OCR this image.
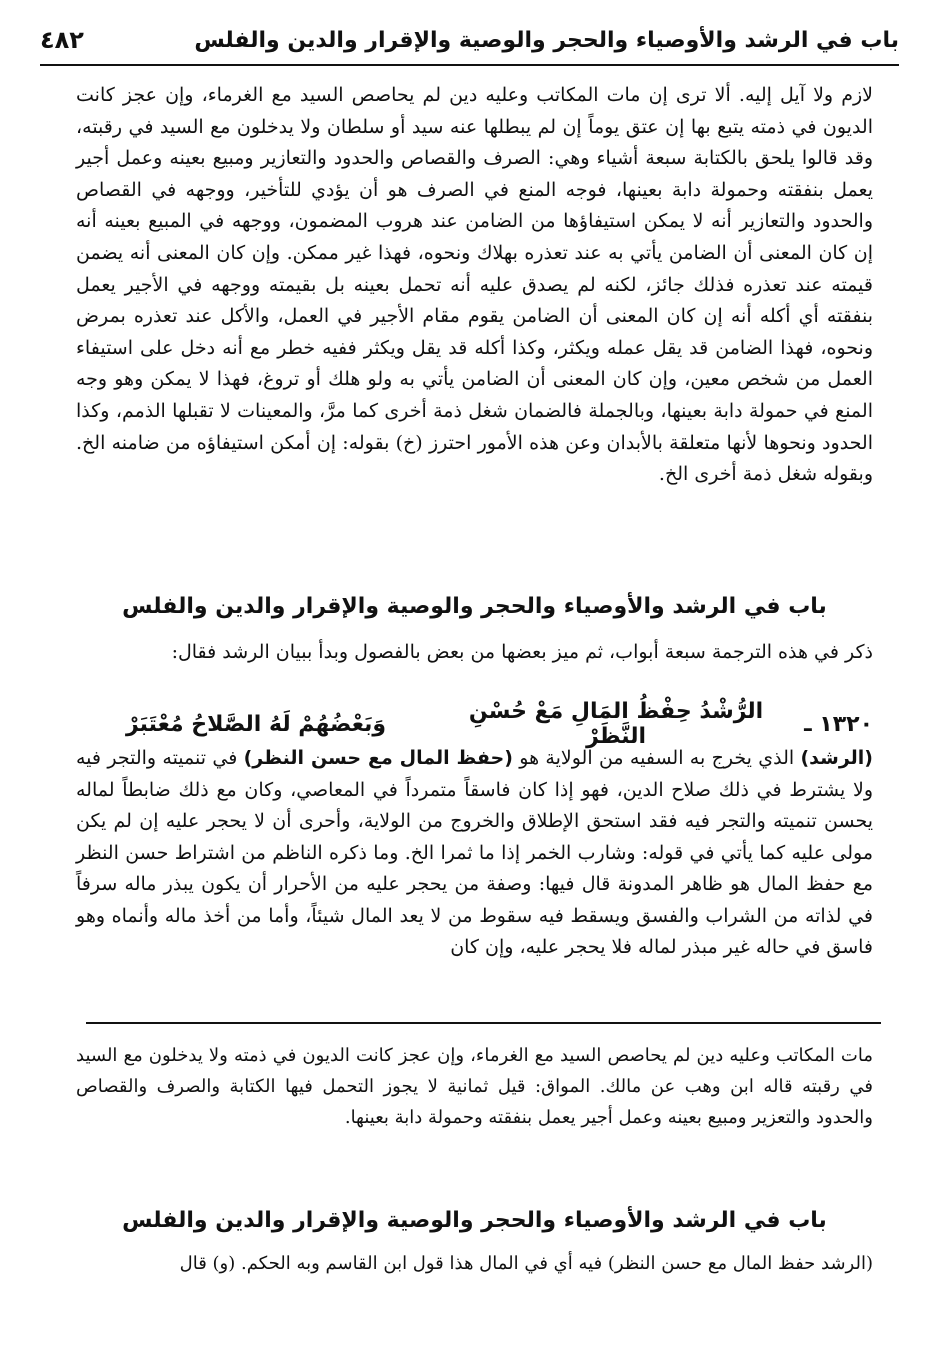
باب في الرشد والأوصياء والحجر والوصية والإقرار والدين والفلس
٤٨٢

لازم ولا آيل إليه. ألا ترى إن مات المكاتب وعليه دين لم يحاصص السيد مع الغرماء، وإن عجز كانت الديون في ذمته يتبع بها إن عتق يوماً إن لم يبطلها عنه سيد أو سلطان ولا يدخلون مع السيد في رقبته، وقد قالوا يلحق بالكتابة سبعة أشياء وهي: الصرف والقصاص والحدود والتعازير ومبيع بعينه وعمل أجير يعمل بنفقته وحمولة دابة بعينها، فوجه المنع في الصرف هو أن يؤدي للتأخير، ووجهه في القصاص والحدود والتعازير أنه لا يمكن استيفاؤها من الضامن عند هروب المضمون، ووجهه في المبيع بعينه أنه إن كان المعنى أن الضامن يأتي به عند تعذره بهلاك ونحوه، فهذا غير ممكن. وإن كان المعنى أنه يضمن قيمته عند تعذره فذلك جائز، لكنه لم يصدق عليه أنه تحمل بعينه بل بقيمته ووجهه في الأجير يعمل بنفقته أي أكله أنه إن كان المعنى أن الضامن يقوم مقام الأجير في العمل، والأكل عند تعذره بمرض ونحوه، فهذا الضامن قد يقل عمله ويكثر، وكذا أكله قد يقل ويكثر ففيه خطر مع أنه دخل على استيفاء العمل من شخص معين، وإن كان المعنى أن الضامن يأتي به ولو هلك أو تروغ، فهذا لا يمكن وهو وجه المنع في حمولة دابة بعينها، وبالجملة فالضمان شغل ذمة أخرى كما مرَّ، والمعينات لا تقبلها الذمم، وكذا الحدود ونحوها لأنها متعلقة بالأبدان وعن هذه الأمور احترز (خ) بقوله: إن أمكن استيفاؤه من ضامنه الخ. وبقوله شغل ذمة أخرى الخ.

باب في الرشد والأوصياء والحجر والوصية والإقرار والدين والفلس

ذكر في هذه الترجمة سبعة أبواب، ثم ميز بعضها من بعض بالفصول وبدأ ببيان الرشد فقال:

١٣٢٠ ـ
الرُّشْدُ حِفْظُ المَالِ مَعْ حُسْنِ النَّظَرْ
وَبَعْضُهُمْ لَهُ الصَّلاحُ مُعْتَبَرْ

(الرشد) الذي يخرج به السفيه من الولاية هو (حفظ المال مع حسن النظر) في تنميته والتجر فيه ولا يشترط في ذلك صلاح الدين، فهو إذا كان فاسقاً متمرداً في المعاصي، وكان مع ذلك ضابطاً لماله يحسن تنميته والتجر فيه فقد استحق الإطلاق والخروج من الولاية، وأحرى أن لا يحجر عليه إن لم يكن مولى عليه كما يأتي في قوله: وشارب الخمر إذا ما ثمرا الخ. وما ذكره الناظم من اشتراط حسن النظر مع حفظ المال هو ظاهر المدونة قال فيها: وصفة من يحجر عليه من الأحرار أن يكون يبذر ماله سرفاً في لذاته من الشراب والفسق ويسقط فيه سقوط من لا يعد المال شيئاً، وأما من أخذ ماله وأنماه وهو فاسق في حاله غير مبذر لماله فلا يحجر عليه، وإن كان

مات المكاتب وعليه دين لم يحاصص السيد مع الغرماء، وإن عجز كانت الديون في ذمته ولا يدخلون مع السيد في رقبته قاله ابن وهب عن مالك. المواق: قيل ثمانية لا يجوز التحمل فيها الكتابة والصرف والقصاص والحدود والتعزير ومبيع بعينه وعمل أجير يعمل بنفقته وحمولة دابة بعينها.

باب في الرشد والأوصياء والحجر والوصية والإقرار والدين والفلس

(الرشد حفظ المال مع حسن النظر) فيه أي في المال هذا قول ابن القاسم وبه الحكم. (و) قال
